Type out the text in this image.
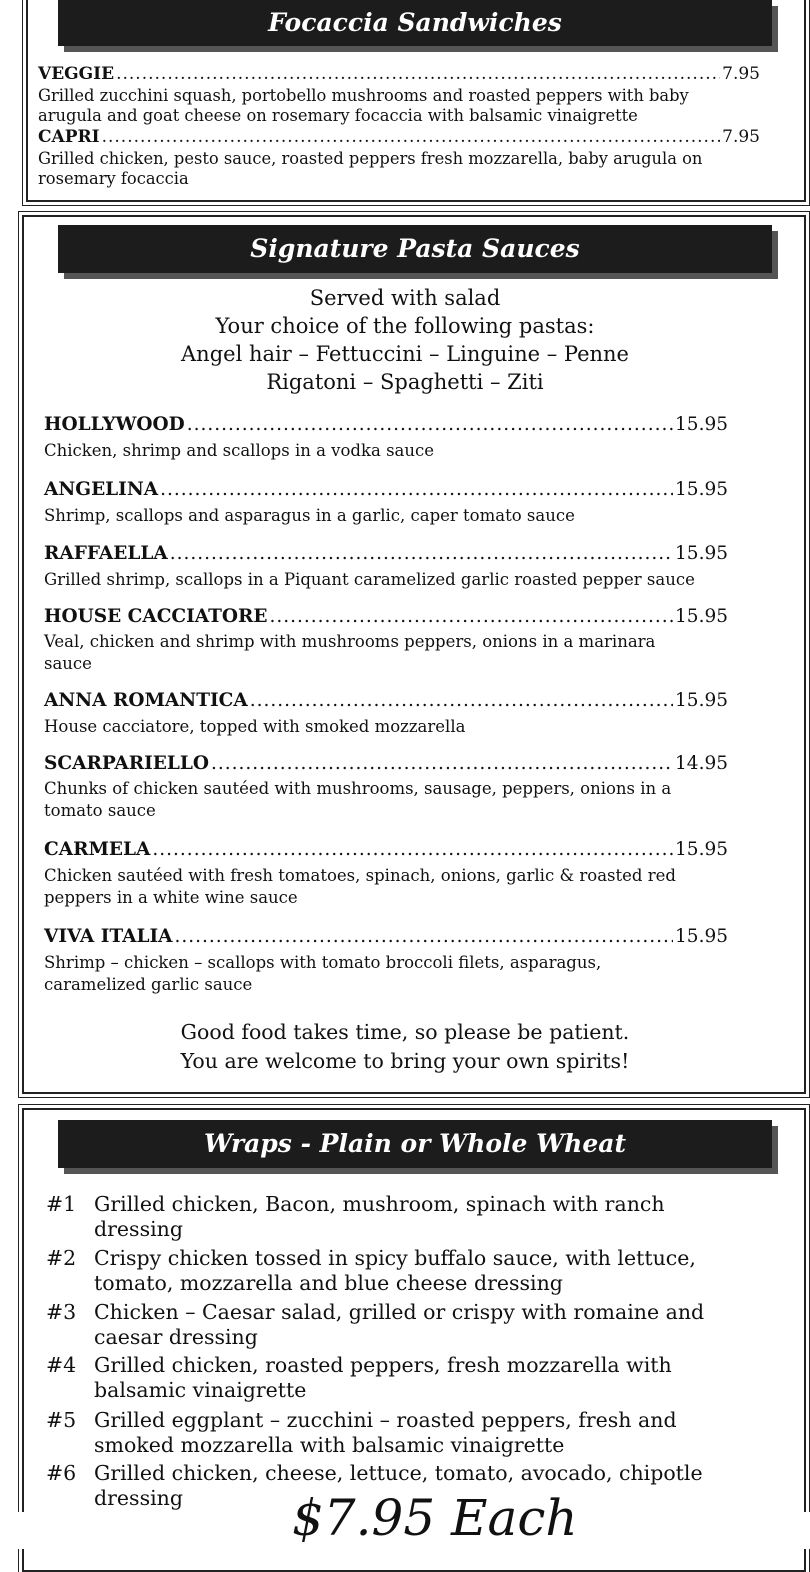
Focaccia Sandwiches
VEGGIE .....	7.95
Grilled zucchini squash, portobello mushrooms and roasted peppers with baby
arugula and goat cheese on rosemary focaccia with balsamic vinaigrette
CAPRI .....	7.95
Grilled chicken, pesto sauce, roasted peppers fresh mozzarella, baby arugula on
rosemary focaccia
Signature Pasta Sauces
Served with salad
Your choice of the following pastas:
Angel hair – Fettuccini – Linguine – Penne
Rigatoni – Spaghetti – Ziti
HOLLYWOOD .....	15.95
Chicken, shrimp and scallops in a vodka sauce
ANGELINA .....	15.95
Shrimp, scallops and asparagus in a garlic, caper tomato sauce
RAFFAELLA .....	15.95
Grilled shrimp, scallops in a Piquant caramelized garlic roasted pepper sauce
HOUSE CACCIATORE .....	15.95
Veal, chicken and shrimp with mushrooms peppers, onions in a marinara
sauce
ANNA ROMANTICA .....	15.95
House cacciatore, topped with smoked mozzarella
SCARPARIELLO .....	14.95
Chunks of chicken sautéed with mushrooms, sausage, peppers, onions in a
tomato sauce
CARMELA .....	15.95
Chicken sautéed with fresh tomatoes, spinach, onions, garlic & roasted red
peppers in a white wine sauce
VIVA ITALIA .....	15.95
Shrimp – chicken – scallops with tomato broccoli filets, asparagus,
caramelized garlic sauce
Good food takes time, so please be patient.
You are welcome to bring your own spirits!
Wraps - Plain or Whole Wheat
#1 Grilled chicken, Bacon, mushroom, spinach with ranch
dressing
#2 Crispy chicken tossed in spicy buffalo sauce, with lettuce,
tomato, mozzarella and blue cheese dressing
#3 Chicken – Caesar salad, grilled or crispy with romaine and
caesar dressing
#4 Grilled chicken, roasted peppers, fresh mozzarella with
balsamic vinaigrette
#5 Grilled eggplant – zucchini – roasted peppers, fresh and
smoked mozzarella with balsamic vinaigrette
#6 Grilled chicken, cheese, lettuce, tomato, avocado, chipotle
dressing	$7.95 Each
